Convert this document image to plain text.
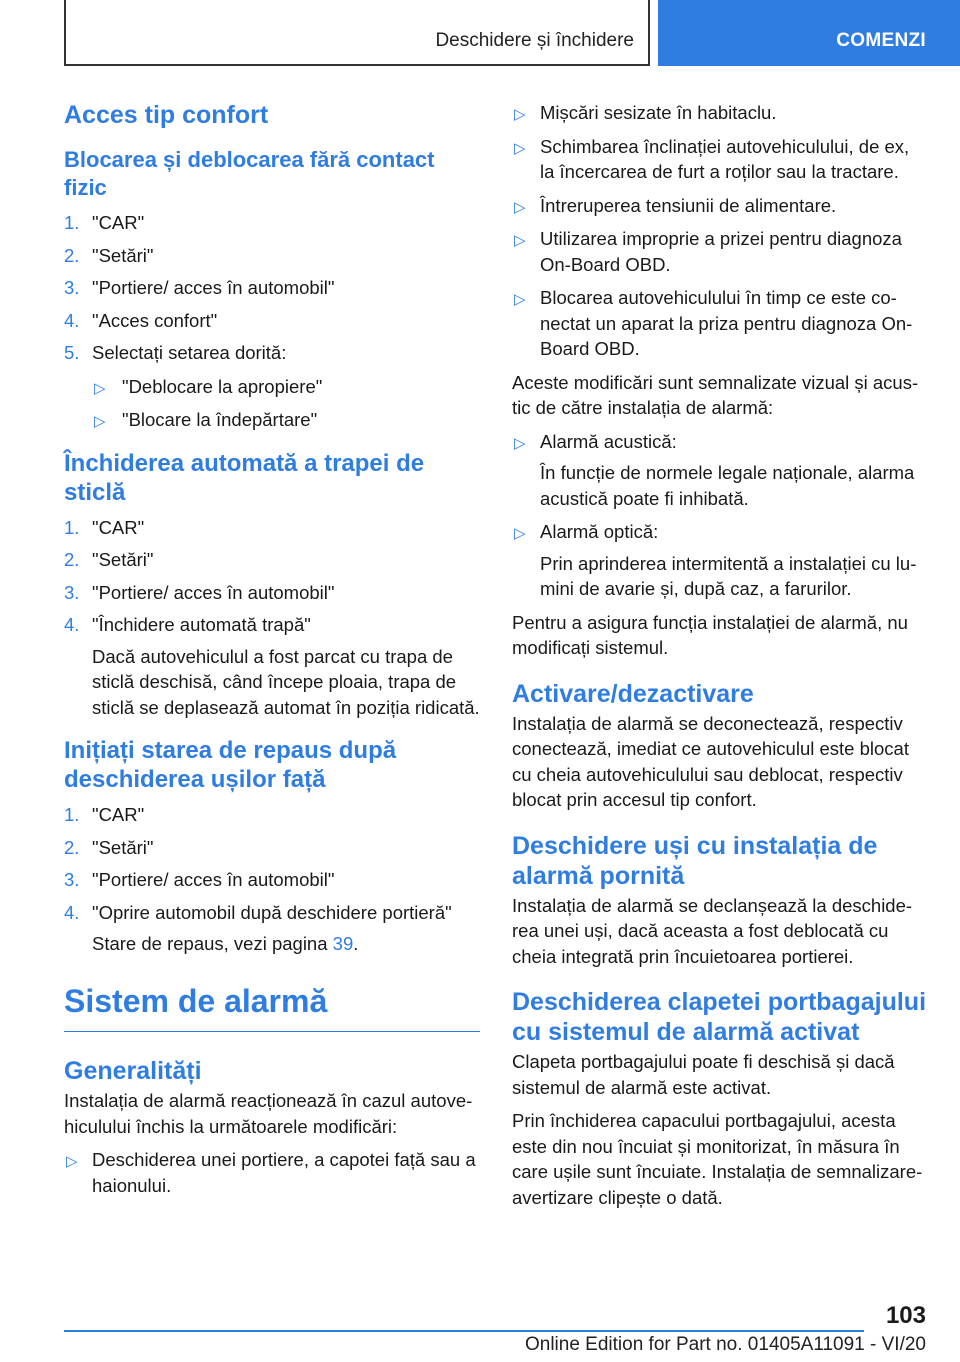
Deschidere și închidere	COMENZI
Acces tip confort
Blocarea și deblocarea fără contact fizic
1. "CAR"
2. "Setări"
3. "Portiere/ acces în automobil"
4. "Acces confort"
5. Selectați setarea dorită:
▷ "Deblocare la apropiere"
▷ "Blocare la îndepărtare"
Închiderea automată a trapei de sticlă
1. "CAR"
2. "Setări"
3. "Portiere/ acces în automobil"
4. "Închidere automată trapă"

Dacă autovehiculul a fost parcat cu trapa de sticlă deschisă, când începe ploaia, trapa de sticlă se deplasează automat în poziția ridicată.

Inițiați starea de repaus după deschiderea ușilor față
1. "CAR"
2. "Setări"
3. "Portiere/ acces în automobil"
4. "Oprire automobil după deschidere portieră"

Stare de repaus, vezi pagina 39.

Sistem de alarmă
Generalități

Instalația de alarmă reacționează în cazul autovehiculului închis la următoarele modificări:

▷ Deschiderea unei portiere, a capotei față sau a haionului.
▷ Mișcări sesizate în habitaclu.
▷ Schimbarea înclinației autovehiculului, de ex, la încercarea de furt a roților sau la tractare.
▷ Întreruperea tensiunii de alimentare.
▷ Utilizarea improprie a prizei pentru diagnoza On-Board OBD.
▷ Blocarea autovehiculului în timp ce este conectat un aparat la priza pentru diagnoza On-Board OBD.

Aceste modificări sunt semnalizate vizual și acustic de către instalația de alarmă:

▷ Alarmă acustică:

În funcție de normele legale naționale, alarma acustică poate fi inhibată.

▷ Alarmă optică:

Prin aprinderea intermitentă a instalației cu lumini de avarie și, după caz, a farurilor.

Pentru a asigura funcția instalației de alarmă, nu modificați sistemul.

Activare/dezactivare

Instalația de alarmă se deconectează, respectiv conectează, imediat ce autovehiculul este blocat cu cheia autovehiculului sau deblocat, respectiv blocat prin accesul tip confort.

Deschidere uși cu instalația de alarmă pornită

Instalația de alarmă se declanșează la deschiderea unei uși, dacă aceasta a fost deblocată cu cheia integrată prin încuietoarea portierei.

Deschiderea clapetei portbagajului cu sistemul de alarmă activat

Clapeta portbagajului poate fi deschisă și dacă sistemul de alarmă este activat.

Prin închiderea capacului portbagajului, acesta este din nou încuiat și monitorizat, în măsura în care ușile sunt încuiate. Instalația de semnalizare-avertizare clipește o dată.

103
Online Edition for Part no. 01405A11091 - VI/20
